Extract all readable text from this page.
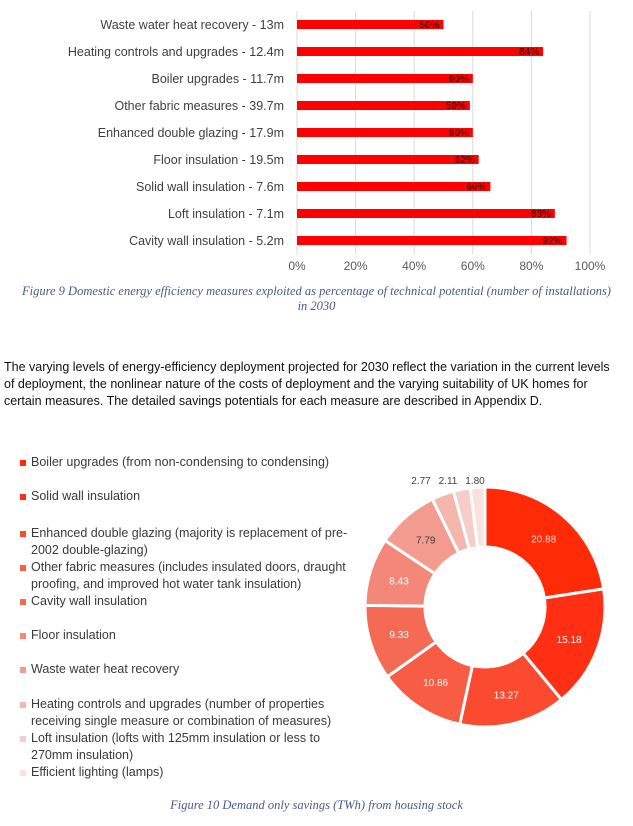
0%	20%	40%	60%	80%	100%
Waste water heat recovery - 13m	50%
Heating controls and upgrades - 12.4m	84%
Boiler upgrades - 11.7m	60%
Other fabric measures - 39.7m	59%
Enhanced double glazing - 17.9m	60%
Floor insulation - 19.5m	62%
Solid wall insulation - 7.6m	66%
Loft insulation - 7.1m	88%
Cavity wall insulation - 5.2m	92%
Figure 9 Domestic energy efficiency measures exploited as percentage of technical potential (number of installations) in 2030

The varying levels of energy-efficiency deployment projected for 2030 reflect the variation in the current levels of deployment, the nonlinear nature of the costs of deployment and the varying suitability of UK homes for certain measures. The detailed savings potentials for each measure are described in Appendix D.

Boiler upgrades (from non-condensing to condensing)
Solid wall insulation
Enhanced double glazing (majority is replacement of pre-2002 double-glazing)
Other fabric measures (includes insulated doors, draught proofing, and improved hot water tank insulation)
Cavity wall insulation
Floor insulation
Waste water heat recovery
Heating controls and upgrades (number of properties receiving single measure or combination of measures)
Loft insulation (lofts with 125mm insulation or less to 270mm insulation)
Efficient lighting (lamps)
20.88
15.18
13.27
10.86
9.33
8.43
7.79
2.77 2.11 1.80
Figure 10 Demand only savings (TWh) from housing stock
